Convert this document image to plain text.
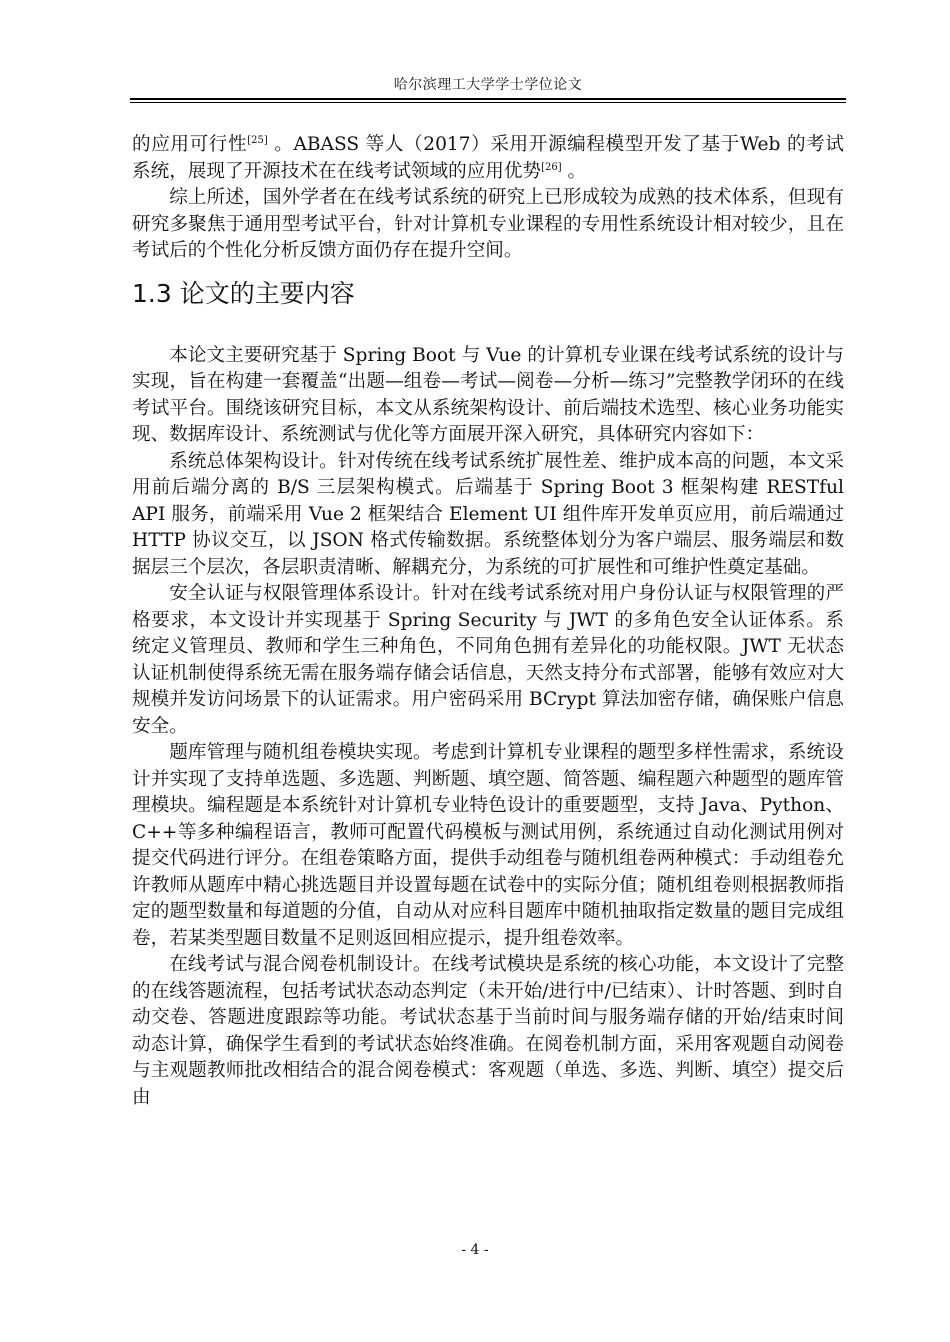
哈尔滨理工大学学士学位论文

的应用可行性[25] 。ABASS 等人（2017）采用开源编程模型开发了基于Web 的考试系统，展现了开源技术在在线考试领域的应用优势[26] 。

综上所述，国外学者在在线考试系统的研究上已形成较为成熟的技术体系，但现有研究多聚焦于通用型考试平台，针对计算机专业课程的专用性系统设计相对较少，且在考试后的个性化分析反馈方面仍存在提升空间。

1.3 论文的主要内容

本论文主要研究基于 Spring Boot 与 Vue 的计算机专业课在线考试系统的设计与实现，旨在构建一套覆盖“出题—组卷—考试—阅卷—分析—练习”完整教学闭环的在线考试平台。围绕该研究目标，本文从系统架构设计、前后端技术选型、核心业务功能实现、数据库设计、系统测试与优化等方面展开深入研究，具体研究内容如下：

系统总体架构设计。针对传统在线考试系统扩展性差、维护成本高的问题，本文采用前后端分离的 B/S 三层架构模式。后端基于 Spring Boot 3 框架构建 RESTful API 服务，前端采用 Vue 2 框架结合 Element UI 组件库开发单页应用，前后端通过 HTTP 协议交互，以 JSON 格式传输数据。系统整体划分为客户端层、服务端层和数据层三个层次，各层职责清晰、解耦充分，为系统的可扩展性和可维护性奠定基础。

安全认证与权限管理体系设计。针对在线考试系统对用户身份认证与权限管理的严格要求，本文设计并实现基于 Spring Security 与 JWT 的多角色安全认证体系。系统定义管理员、教师和学生三种角色，不同角色拥有差异化的功能权限。JWT 无状态认证机制使得系统无需在服务端存储会话信息，天然支持分布式部署，能够有效应对大规模并发访问场景下的认证需求。用户密码采用 BCrypt 算法加密存储，确保账户信息安全。

题库管理与随机组卷模块实现。考虑到计算机专业课程的题型多样性需求，系统设计并实现了支持单选题、多选题、判断题、填空题、简答题、编程题六种题型的题库管理模块。编程题是本系统针对计算机专业特色设计的重要题型，支持 Java、Python、C++等多种编程语言，教师可配置代码模板与测试用例，系统通过自动化测试用例对提交代码进行评分。在组卷策略方面，提供手动组卷与随机组卷两种模式：手动组卷允许教师从题库中精心挑选题目并设置每题在试卷中的实际分值；随机组卷则根据教师指定的题型数量和每道题的分值，自动从对应科目题库中随机抽取指定数量的题目完成组卷，若某类型题目数量不足则返回相应提示，提升组卷效率。

在线考试与混合阅卷机制设计。在线考试模块是系统的核心功能，本文设计了完整的在线答题流程，包括考试状态动态判定（未开始/进行中/已结束）、计时答题、到时自动交卷、答题进度跟踪等功能。考试状态基于当前时间与服务端存储的开始/结束时间动态计算，确保学生看到的考试状态始终准确。在阅卷机制方面，采用客观题自动阅卷与主观题教师批改相结合的混合阅卷模式：客观题（单选、多选、判断、填空）提交后由

- 4 -
